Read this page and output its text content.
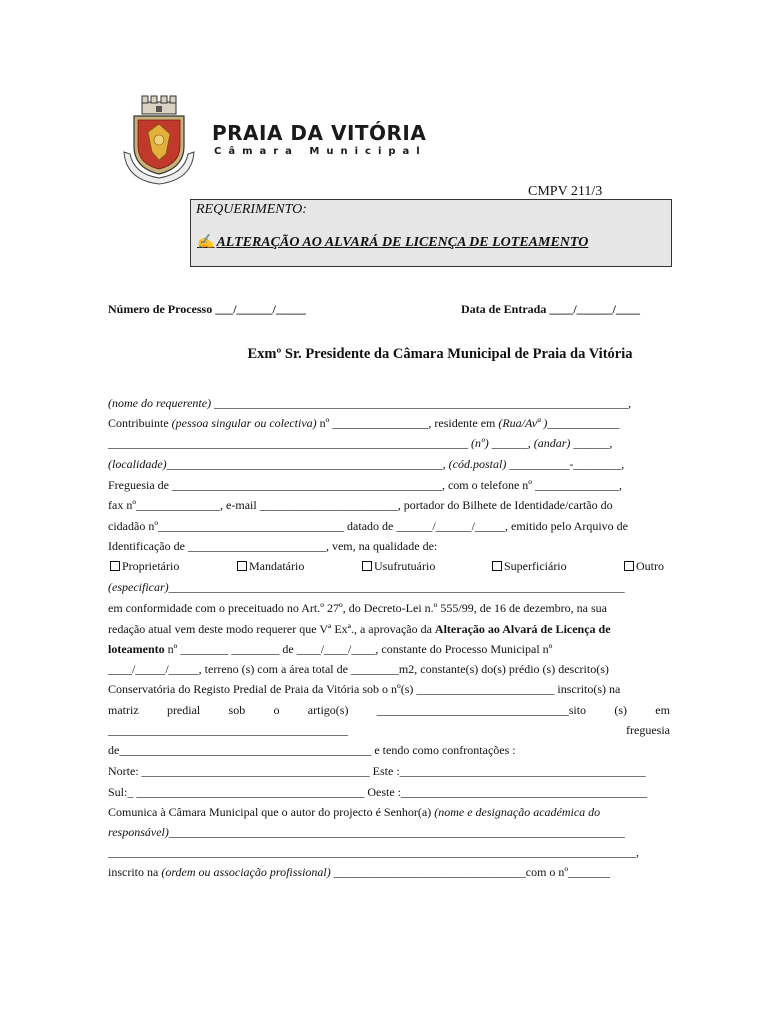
PRAIA DA VITÓRIA
Câmara Municipal
CMPV 211/3
REQUERIMENTO:
✍ ALTERAÇÃO AO ALVARÁ DE LICENÇA DE LOTEAMENTO
Número de Processo ___/______/_____	Data de Entrada ____/______/____
Exmº Sr. Presidente da Câmara Municipal de Praia da Vitória
(nome do requerente) _____________________________________________________________________,
Contribuinte (pessoa singular ou colectiva) nº ________________, residente em (Rua/Avª )____________
____________________________________________________________ (nº) ______, (andar) ______,
(localidade)______________________________________________, (cód.postal) __________-________,
Freguesia de _____________________________________________, com o telefone nº ______________,
fax nº______________, e-mail _______________________, portador do Bilhete de Identidade/cartão do
cidadão nº_______________________________ datado de ______/______/_____, emitido pelo Arquivo de
Identificação de _______________________, vem, na qualidade de:
Proprietário	Mandatário	Usufrutuário	Superficiário	Outro
(especificar)____________________________________________________________________________
em conformidade com o preceituado no Art.º 27º, do Decreto-Lei n.º 555/99, de 16 de dezembro, na sua
redação atual vem deste modo requerer que Vª Exª., a aprovação da Alteração ao Alvará de Licença de
loteamento nº ________ ________ de ____/____/____, constante do Processo Municipal nº
____/_____/_____, terreno (s) com a área total de ________m2, constante(s) do(s) prédio (s) descrito(s)
Conservatória do Registo Predial de Praia da Vitória sob o nº(s) _______________________ inscrito(s) na
matriz predial sob o artigo(s) ________________________________sito (s) em
________________________________________	freguesia
de__________________________________________ e tendo como confrontações :
Norte: ______________________________________ Este :_________________________________________
Sul:_ ______________________________________ Oeste :_________________________________________
Comunica à Câmara Municipal que o autor do projecto é Senhor(a) (nome e designação académica do
responsável)____________________________________________________________________________
________________________________________________________________________________________,
inscrito na (ordem ou associação profissional) ________________________________com o nº_______
